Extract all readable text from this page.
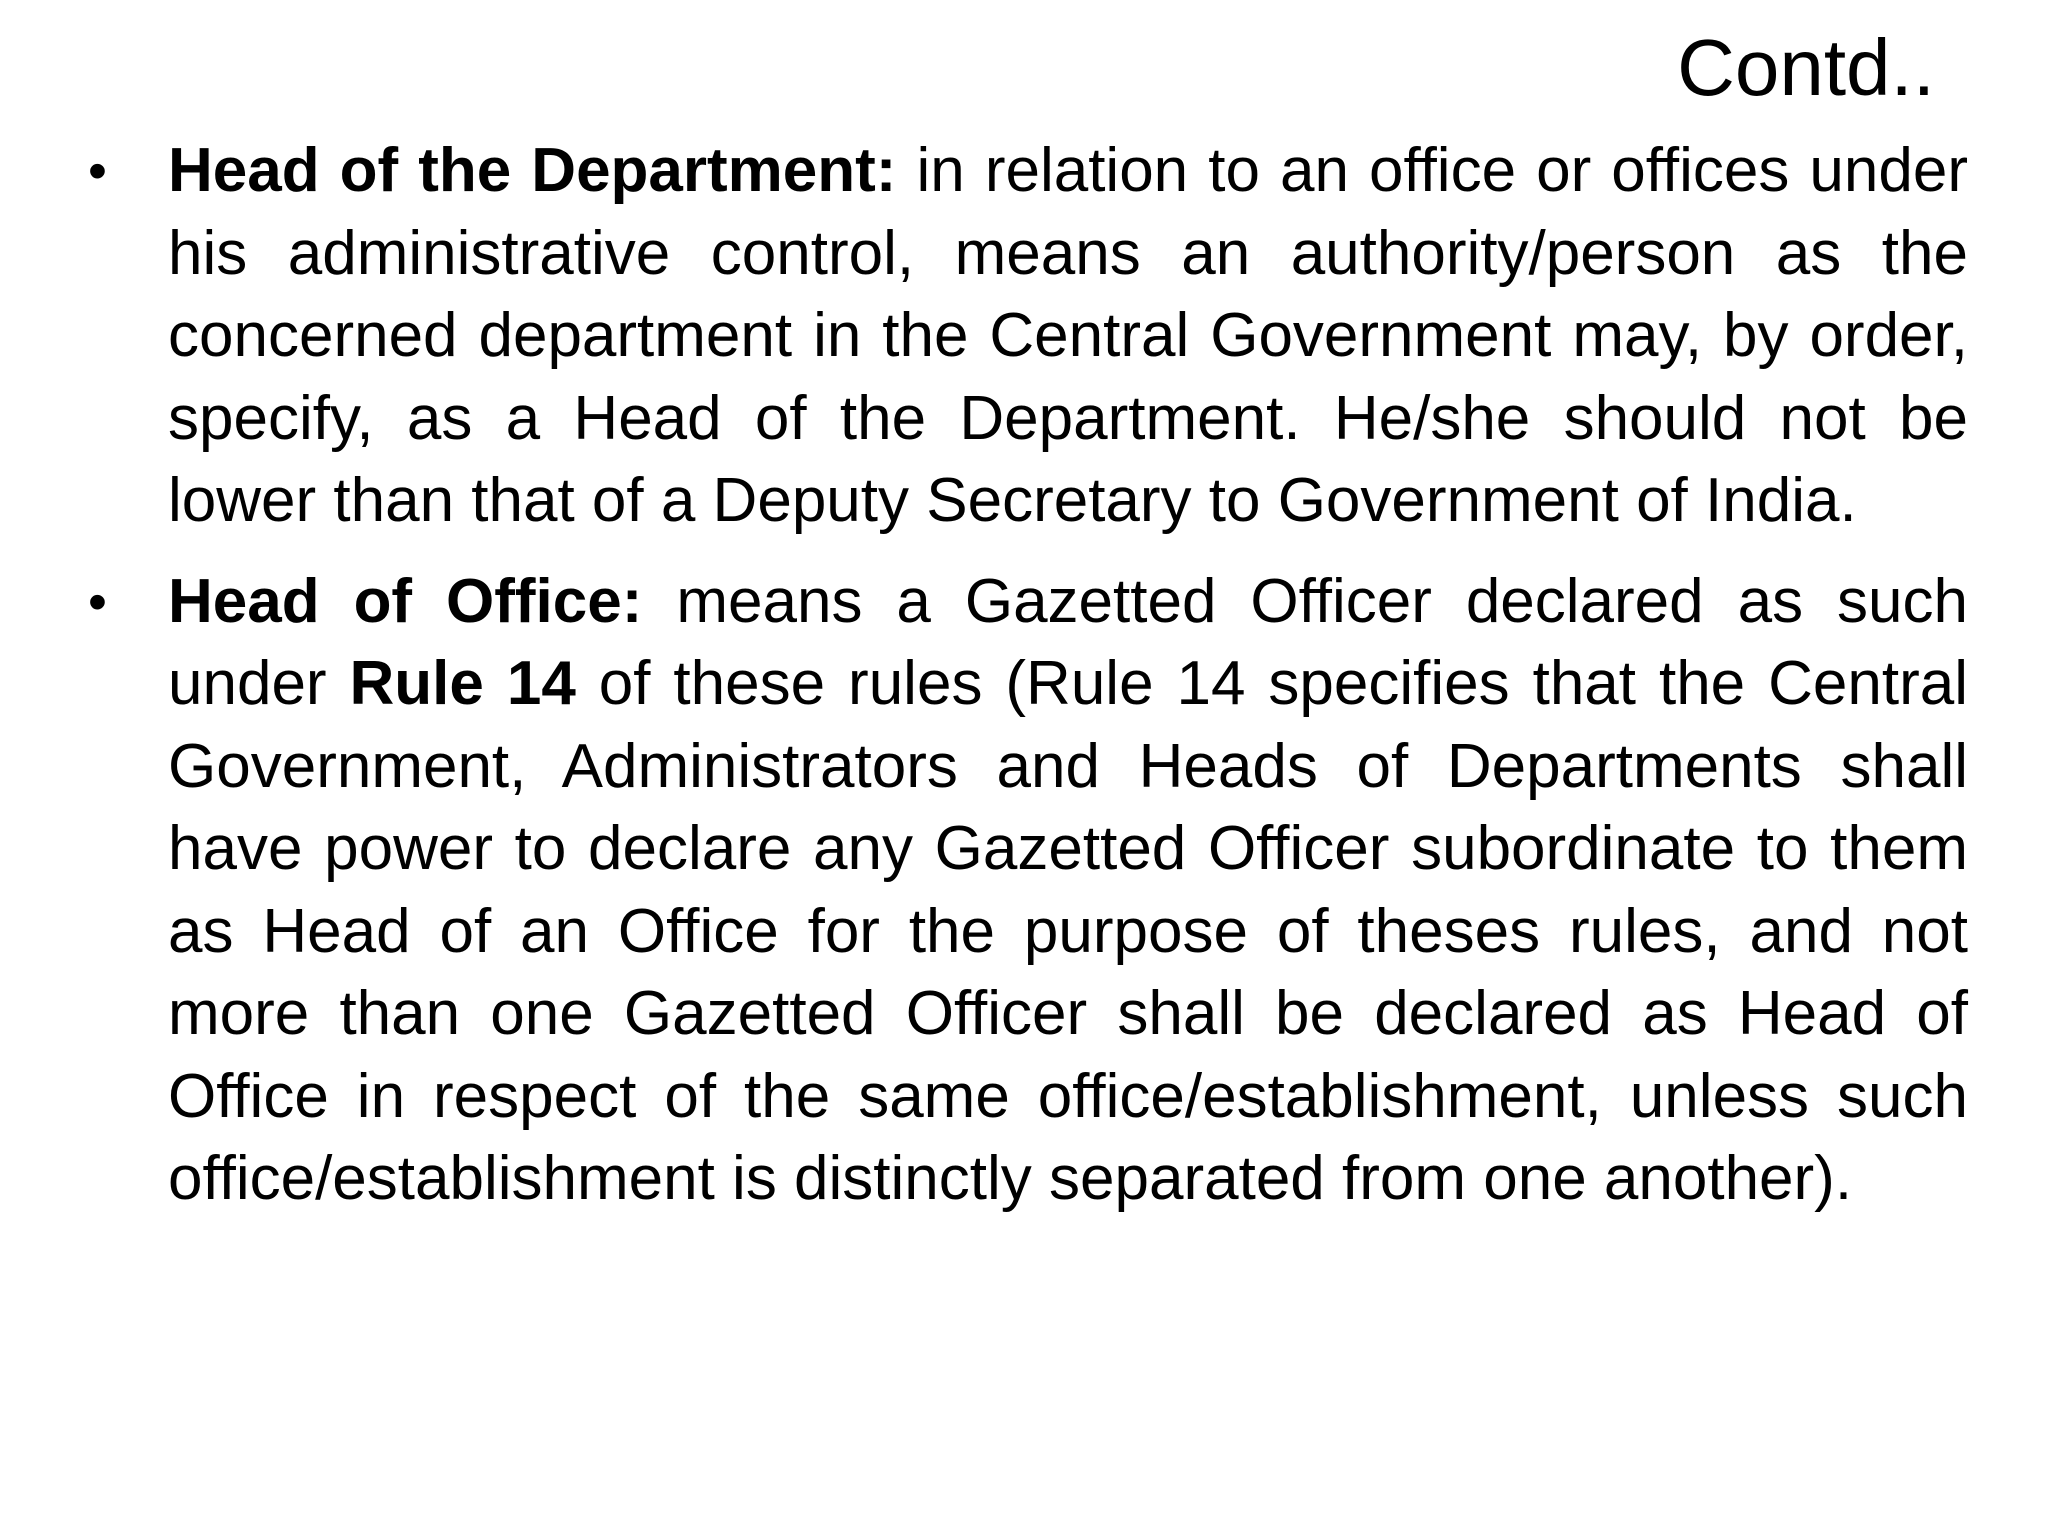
Contd..
• Head of the Department: in relation to an office or offices under his administrative control, means an authority/person as the concerned department in the Central Government may, by order, specify, as a Head of the Department. He/she should not be lower than that of a Deputy Secretary to Government of India.
• Head of Office: means a Gazetted Officer declared as such under Rule 14 of these rules (Rule 14 specifies that the Central Government, Administrators and Heads of Departments shall have power to declare any Gazetted Officer subordinate to them as Head of an Office for the purpose of theses rules, and not more than one Gazetted Officer shall be declared as Head of Office in respect of the same office/establishment, unless such office/establishment is distinctly separated from one another).
